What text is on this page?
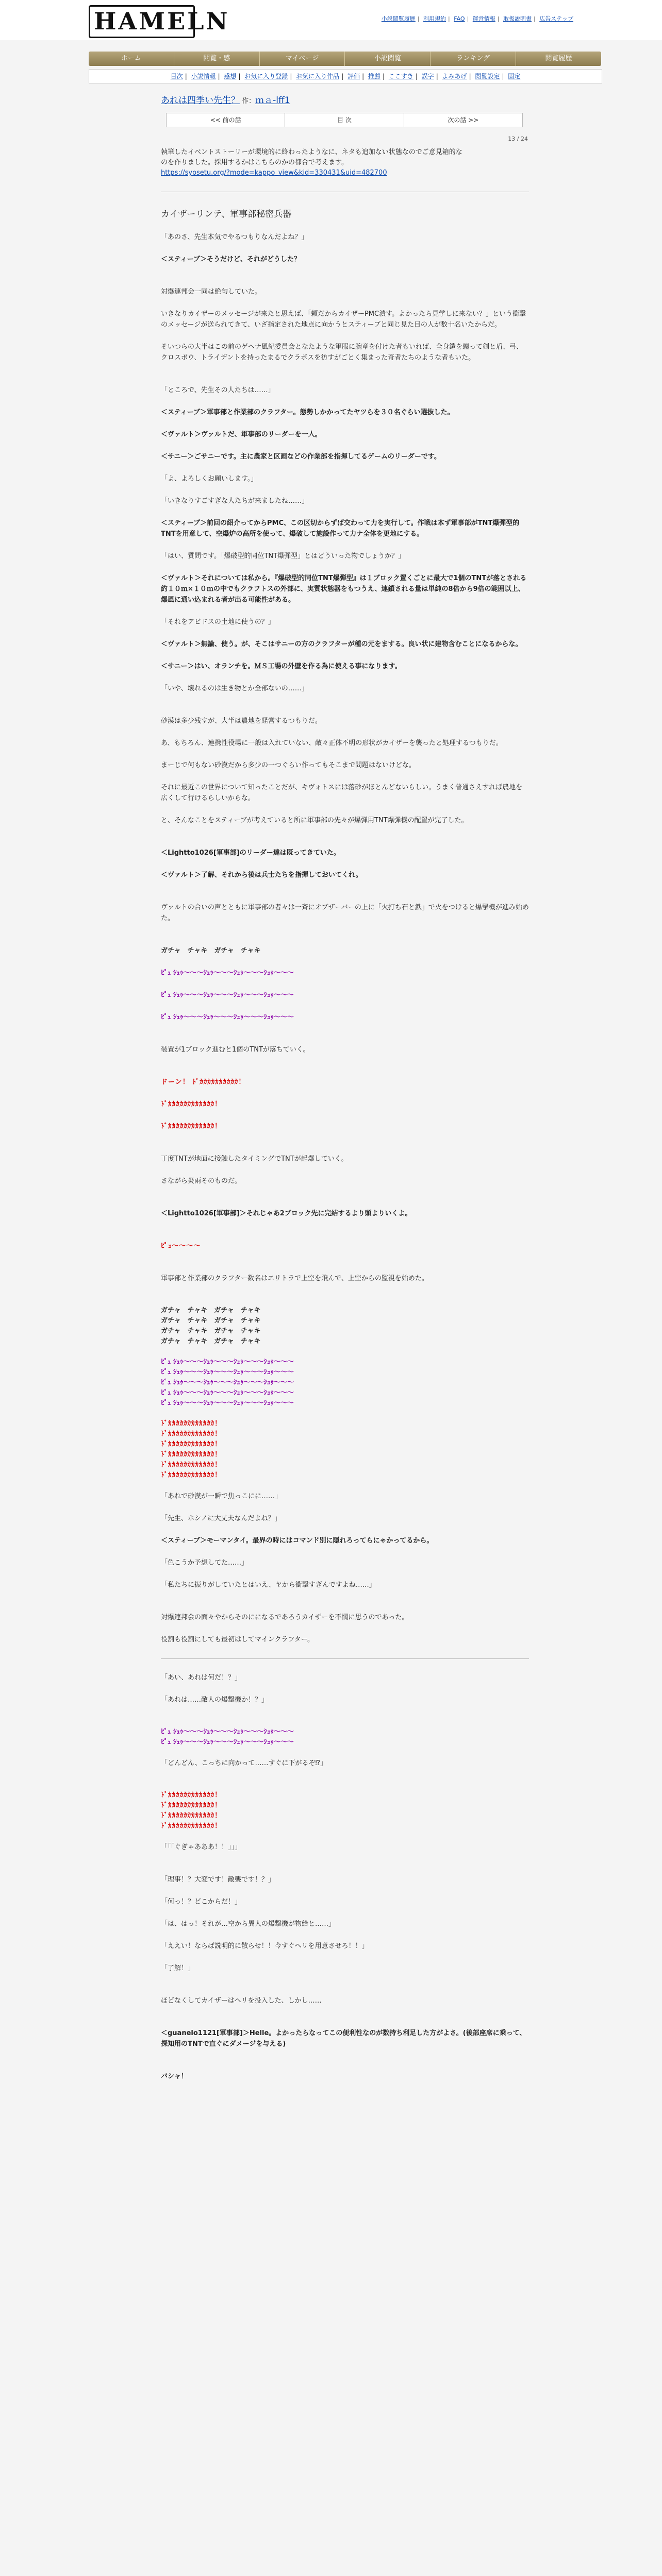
HAMELN	小説閲覧履歴 | 利用規約 | FAQ | 運営情報 | 取扱説明書 | 広告ステップ
ホーム	閲覧・感	マイページ	小説閲覧	ランキング	閲覧履歴
目次 | 小説情報 | 感想 | お気に入り登録 | お気に入り作品 | 評価 | 推薦 | ここすき | 誤字 | よみあげ | 閲覧設定 | 固定
あれは四季い先生？ 作：ｍａ-lff1
<< 前の話	目 次	次の話 >>
13 / 24
執筆したイベントストーリーが環境的に終わったようなに、ネタも追加ない状態なのでご意見箱的な
のを作りました。採用するかはこちらのかの都合で考えます。
https://syosetu.org/?mode=kappo_view&kid=330431&uid=482700
カイザーリンテ、軍事部秘密兵器

「あのさ、先生本気でやるつもりなんだよね？」

＜スティーブ＞そうだけど、それがどうした？

対爆連邦会一同は絶句していた。

いきなりカイザーのメッセージが来たと思えば、「頼だからカイザーPMC潰す。よかったら見学しに来ない？」という衝撃のメッセージが送られてきて、いざ指定された地点に向かうとスティーブと同じ見た目の人が数十名いたからだ。

そいつらの大半はこの前のゲヘナ風紀委員会となたような軍服に腕章を付けた者もいれば、全身鎧を纏って剣と盾、弓、クロスボウ、トライデントを持ったまるでクラボスを彷すがごとく集まった奇者たちのような者もいた。

「ところで、先生その人たちは……」

＜スティーブ＞軍事部と作業部のクラフター。態勢しかかってたヤツらを３０名ぐらい選抜した。

＜ヴァルト＞ヴァルトだ、軍事部のリーダーを一人。

＜サニー＞ごサニーです。主に農家と区画などの作業部を指揮してるゲームのリーダーです。

「よ、よろしくお願いします。」

「いきなりすごすぎな人たちが来ましたね……」

＜スティーブ＞前回の紹介ってからPMC、この区切からずば交わって力を実行して。作戦は本ず軍事部がTNT爆弾型的TNTを用意して、空爆炉の高所を使って、爆破して施設作って力ナ全体を更地にする。

「はい、質問です。「爆破型的同位TNT爆弾型」とはどういった物でしょうか？」

＜ヴァルト＞それについては私から。『爆破型的同位TNT爆弾型』は１ブロック置くごとに最大で1個のTNTが落とされる約１０ｍ×１０ｍの中でもクラフトスの外部に、実質状態器をもつうえ、連鎖される量は単純の8倍から9倍の範囲以上、爆風に通い込まれる者が出る可能性がある。

「それをアビドスの土地に使うの？」

＜ヴァルト＞無論、使う。が、そこはサニーの方のクラフターが種の元をまする。良い状に建物含むことになるからな。

＜サニー＞はい、オランチを。ＭＳ工場の外壁を作る為に使える事になります。

「いや、壊れるのは生き物とか全部ないの……」

砂漠は多少残すが、大半は農地を経営するつもりだ。

あ、もちろん、連携性役場に一般は入れていない、敵々正体不明の形状がカイザーを襲ったと処理するつもりだ。

まーじで何もない砂漠だから多少の一つぐらい作ってもそこまで問題はないけどな。

それに最近この世界について知ったことだが、キヴォトスには落砂がほとんどないらしい。うまく普通さえすれば農地を広くして行けるらしいからな。

と、そんなことをスティーブが考えていると所に軍事部の先々が爆弾用TNT爆弾機の配置が完了した。

＜Lightto1026[軍事部]のリーダー達は既ってきていた。

＜ヴァルト＞了解、それから後は兵士たちを指揮しておいてくれ。

ヴァルトの合いの声とともに軍事部の者々は一斉にオブザーバーの上に「火打ち石と鉄」で火をつけると爆撃機が進み始めた。

ガチャ　チャキ　ガチャ　チャキ

ﾋﾟｭ ｼｭｩ～～～ｼｭｩ～～～ｼｭｩ～～～ｼｭｩ～～～

ﾋﾟｭ ｼｭｩ～～～ｼｭｩ～～～ｼｭｩ～～～ｼｭｩ～～～

ﾋﾟｭ ｼｭｩ～～～ｼｭｩ～～～ｼｭｩ～～～ｼｭｩ～～～

装置が1ブロック進むと1個のTNTが落ちていく。

ドーン！ ﾄﾞｶｶｶｶｶｶｶｶｶｶ！

ﾄﾞｶｶｶｶｶｶｶｶｶｶｶｶ！

ﾄﾞｶｶｶｶｶｶｶｶｶｶｶｶ！

丁度TNTが地面に接触したタイミングでTNTが起爆していく。

さながら炎雨そのものだ。

＜Lightto1026[軍事部]＞それじゃあ2ブロック先に完結するより頭よりいくよ。

ﾋﾟｭ～～～～

軍事部と作業部のクラフター数名はエリトラで上空を飛んで、上空からの監視を始めた。

ガチャ　チャキ　ガチャ　チャキ

ガチャ　チャキ　ガチャ　チャキ

ガチャ　チャキ　ガチャ　チャキ

ガチャ　チャキ　ガチャ　チャキ

ﾋﾟｭ ｼｭｩ～～～ｼｭｩ～～～ｼｭｩ～～～ｼｭｩ～～～

ﾋﾟｭ ｼｭｩ～～～ｼｭｩ～～～ｼｭｩ～～～ｼｭｩ～～～

ﾋﾟｭ ｼｭｩ～～～ｼｭｩ～～～ｼｭｩ～～～ｼｭｩ～～～

ﾋﾟｭ ｼｭｩ～～～ｼｭｩ～～～ｼｭｩ～～～ｼｭｩ～～～

ﾋﾟｭ ｼｭｩ～～～ｼｭｩ～～～ｼｭｩ～～～ｼｭｩ～～～

ﾄﾞｶｶｶｶｶｶｶｶｶｶｶｶ！

ﾄﾞｶｶｶｶｶｶｶｶｶｶｶｶ！

ﾄﾞｶｶｶｶｶｶｶｶｶｶｶｶ！

ﾄﾞｶｶｶｶｶｶｶｶｶｶｶｶ！

ﾄﾞｶｶｶｶｶｶｶｶｶｶｶｶ！

ﾄﾞｶｶｶｶｶｶｶｶｶｶｶｶ！

「あれで砂漠が一瞬で焦っこにに……」

「先生、ホシノに大丈夫なんだよね？」

＜スティーブ＞モーマンタイ。最界の時にはコマンド別に隠れろってらにゃかってるから。

「色こうか予想してた……」

「私たちに振りがしていたとはいえ、ヤから衝撃すぎんですよね……」

対爆連邦会の面々やからそのにになるであろうカイザーを不憫に思うのであった。

役割も役割にしても最初はしてマインクラフター。

「あい、あれは何だ！？」

「あれは……敵人の爆撃機か！？」

ﾋﾟｭ ｼｭｩ～～～ｼｭｩ～～～ｼｭｩ～～～ｼｭｩ～～～

ﾋﾟｭ ｼｭｩ～～～ｼｭｩ～～～ｼｭｩ～～～ｼｭｩ～～～

「どんどん、こっちに向かって……すぐに下がるぞ⁉︎」

ﾄﾞｶｶｶｶｶｶｶｶｶｶｶｶ！

ﾄﾞｶｶｶｶｶｶｶｶｶｶｶｶ！

ﾄﾞｶｶｶｶｶｶｶｶｶｶｶｶ！

ﾄﾞｶｶｶｶｶｶｶｶｶｶｶｶ！

「「「ぐぎゃあああ！！」」」

「理事！？大変です！敵襲です！？」

「何っ！？どこからだ！」

「は、はっ！それが…空から異人の爆撃機が物給と……」

「ええい！ならば説明的に散らせ！！今すぐヘリを用意させろ！！」

「了解！」

ほどなくしてカイザーはヘリを投入した、しかし……

＜guanelo1121[軍事部]＞Helle。よかったらなってこの便利性なのが数持ち利足した方がよさ。(後部座席に乗って、探知用のTNTで直ぐにダメージを与える)

バシャ！
